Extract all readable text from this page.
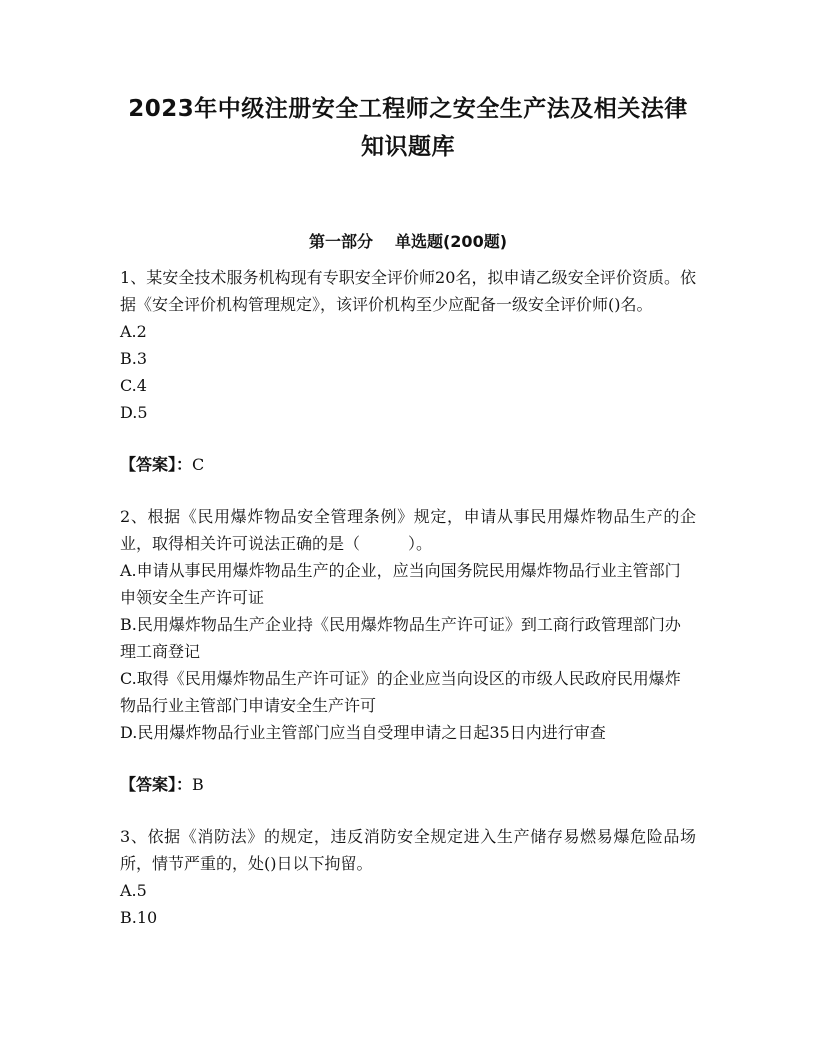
2023年中级注册安全工程师之安全生产法及相关法律
知识题库
第一部分 单选题(200题)

1、某安全技术服务机构现有专职安全评价师20名，拟申请乙级安全评价资质。依据《安全评价机构管理规定》，该评价机构至少应配备一级安全评价师()名。

A.2

B.3

C.4

D.5

【答案】：C

2、根据《民用爆炸物品安全管理条例》规定，申请从事民用爆炸物品生产的企业，取得相关许可说法正确的是（　　　）。

A.申请从事民用爆炸物品生产的企业，应当向国务院民用爆炸物品行业主管部门申领安全生产许可证

B.民用爆炸物品生产企业持《民用爆炸物品生产许可证》到工商行政管理部门办理工商登记

C.取得《民用爆炸物品生产许可证》的企业应当向设区的市级人民政府民用爆炸物品行业主管部门申请安全生产许可

D.民用爆炸物品行业主管部门应当自受理申请之日起35日内进行审查

【答案】：B

3、依据《消防法》的规定，违反消防安全规定进入生产储存易燃易爆危险品场所，情节严重的，处()日以下拘留。

A.5

B.10
